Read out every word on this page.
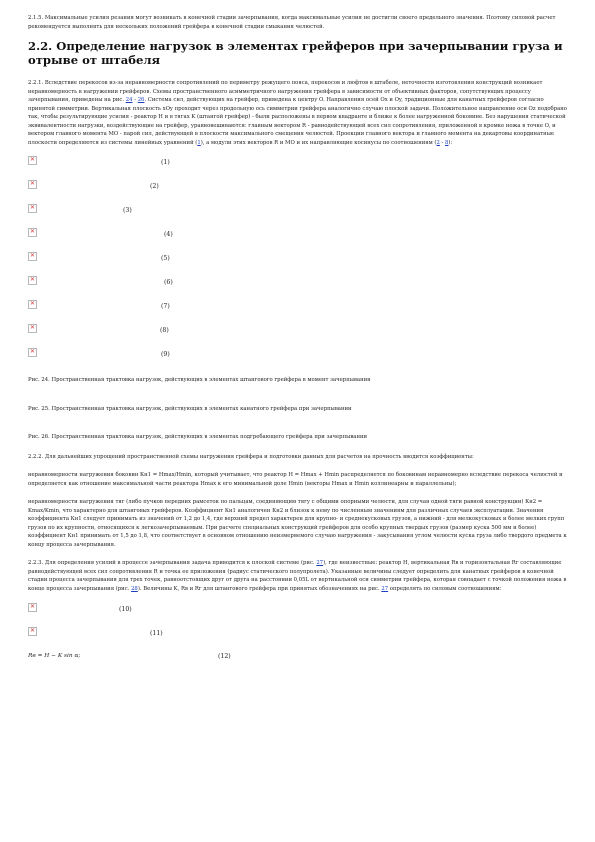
2.1.5. Максимальные усилия резания могут возникать в конечной стадии зачерпывания, когда максимальные усилия не достигли своего предельного значения. Поэтому силовой расчет рекомендуется выполнять для нескольких положений грейфера в конечной стадии смыкания челюстей.

2.2. Определение нагрузок в элементах грейферов при зачерпывании груза и отрыве от штабеля

2.2.1. Вследствие перекосов из-за неравномерности сопротивлений по периметру режущего пояса, перекосов и люфтов в штабеле, неточности изготовления конструкций возникает неравномерность в нагружении грейферов. Схемы пространственного асимметричного нагружения грейфера в зависимости от объективных факторов, сопутствующих процессу зачерпывания, приведены на рис. 24 - 26. Система сил, действующих на грейфер, приведена к центру O. Направления осей Ox и Oy, традиционные для канатных грейферов согласно принятой симметрии. Вертикальная плоскость xOy проходит через продольную ось симметрии грейфера аналогично случаю плоской задачи. Положительное направление оси Oz подобрано так, чтобы результирующие усилия - реактор H и в тягах K (штангой грейфер) - были расположены в первом квадранте и ближе к более нагруженной боковине. Без нарушения статической эквивалентности нагрузки, воздействующие на грейфер, уравновешиваются: главным вектором R - равнодействующей всех сил сопротивления, приложенной в кромке ножа в точке O, и вектором главного момента MO - парой сил, действующей в плоскости максимального смещения челюстей. Проекции главного вектора и главного момента на декартовы координатные плоскости определяются из системы линейных уравнений (1), а модули этих векторов R и MO и их направляющие косинусы по соотношениям (2 - 8):

✕
(1)
✕
(2)
✕
(3)
✕
(4)
✕
(5)
✕
(6)
✕
(7)
✕
(8)
✕
(9)

Рис. 24. Пространственная трактовка нагрузок, действующих в элементах штангового грейфера в момент зачерпывания

Рис. 25. Пространственная трактовка нагрузок, действующих в элементах канатного грейфера при зачерпывании

Рис. 26. Пространственная трактовка нагрузок, действующих в элементах подгребающего грейфера при зачерпывании

2.2.2. Для дальнейших упрощений пространственной схемы нагружения грейфера и подготовки данных для расчетов на прочность вводится коэффициенты:

неравномерности нагружения боковин Кн1 = Hmax/Hmin, который учитывает, что реактор H = Hmax + Hmin распределяется по боковинам неравномерно вследствие перекоса челюстей и определяется как отношение максимальной части реактора Hmax к его минимальной доле Hmin (векторы Hmax и Hmin коллинеарны и параллельны);

неравномерности нагружения тяг (либо пучков передних рамсеток по пальцам, соединяющим тягу с общими опорными челюсти, для случая одной тяги равной конструкции) Кн2 = Kmax/Kmin, что характерно для штанговых грейферов. Коэффициент Кн1 аналогичен Кн2 и близок к нему по численным значениям для различных случаев эксплуатации. Значения коэффициента Кн1 следует принимать из значений от 1,2 до 1,4, где верхний предел характерен для крупно- и среднекусковых грузов, а нижний - для мелкокусковых и более мелких групп грузов по их крупности, относящихся к легкозачерпываемым. При расчете специальных конструкций грейферов для особо крупных твердых грузов (размер куска 500 мм и более) коэффициент Кн1 принимать от 1,5 до 1,8, что соответствует в основном отношению неизмеряемого случаю нагружения - закусывания углом челюсти куска груза либо твердого предмета к концу процесса зачерпывания.

2.2.3. Для определения усилий в процессе зачерпывания задача приводится к плоской системе (рис. 27), где неизвестные: реактор H, вертикальная Rв и горизонтальная Rг составляющие равнодействующей всех сил сопротивления R и точка ее приложения (радиус статического полупролета). Указанные величины следует определить для канатных грейферов в конечной стадии процесса зачерпывания для трех точек, равноотстоящих друг от друга на расстоянии 0,05L от вертикальной оси симметрии грейфера, которая совпадает с точкой положения ножа в конце процесса зачерпывания (рис. 28). Величины K, Rв и Rг для штангового грейфера при принятых обозначениях на рис. 27 определять по силовым соотношениям:

✕
(10)
✕
(11)
Rв = H − K sin α;	(12)
